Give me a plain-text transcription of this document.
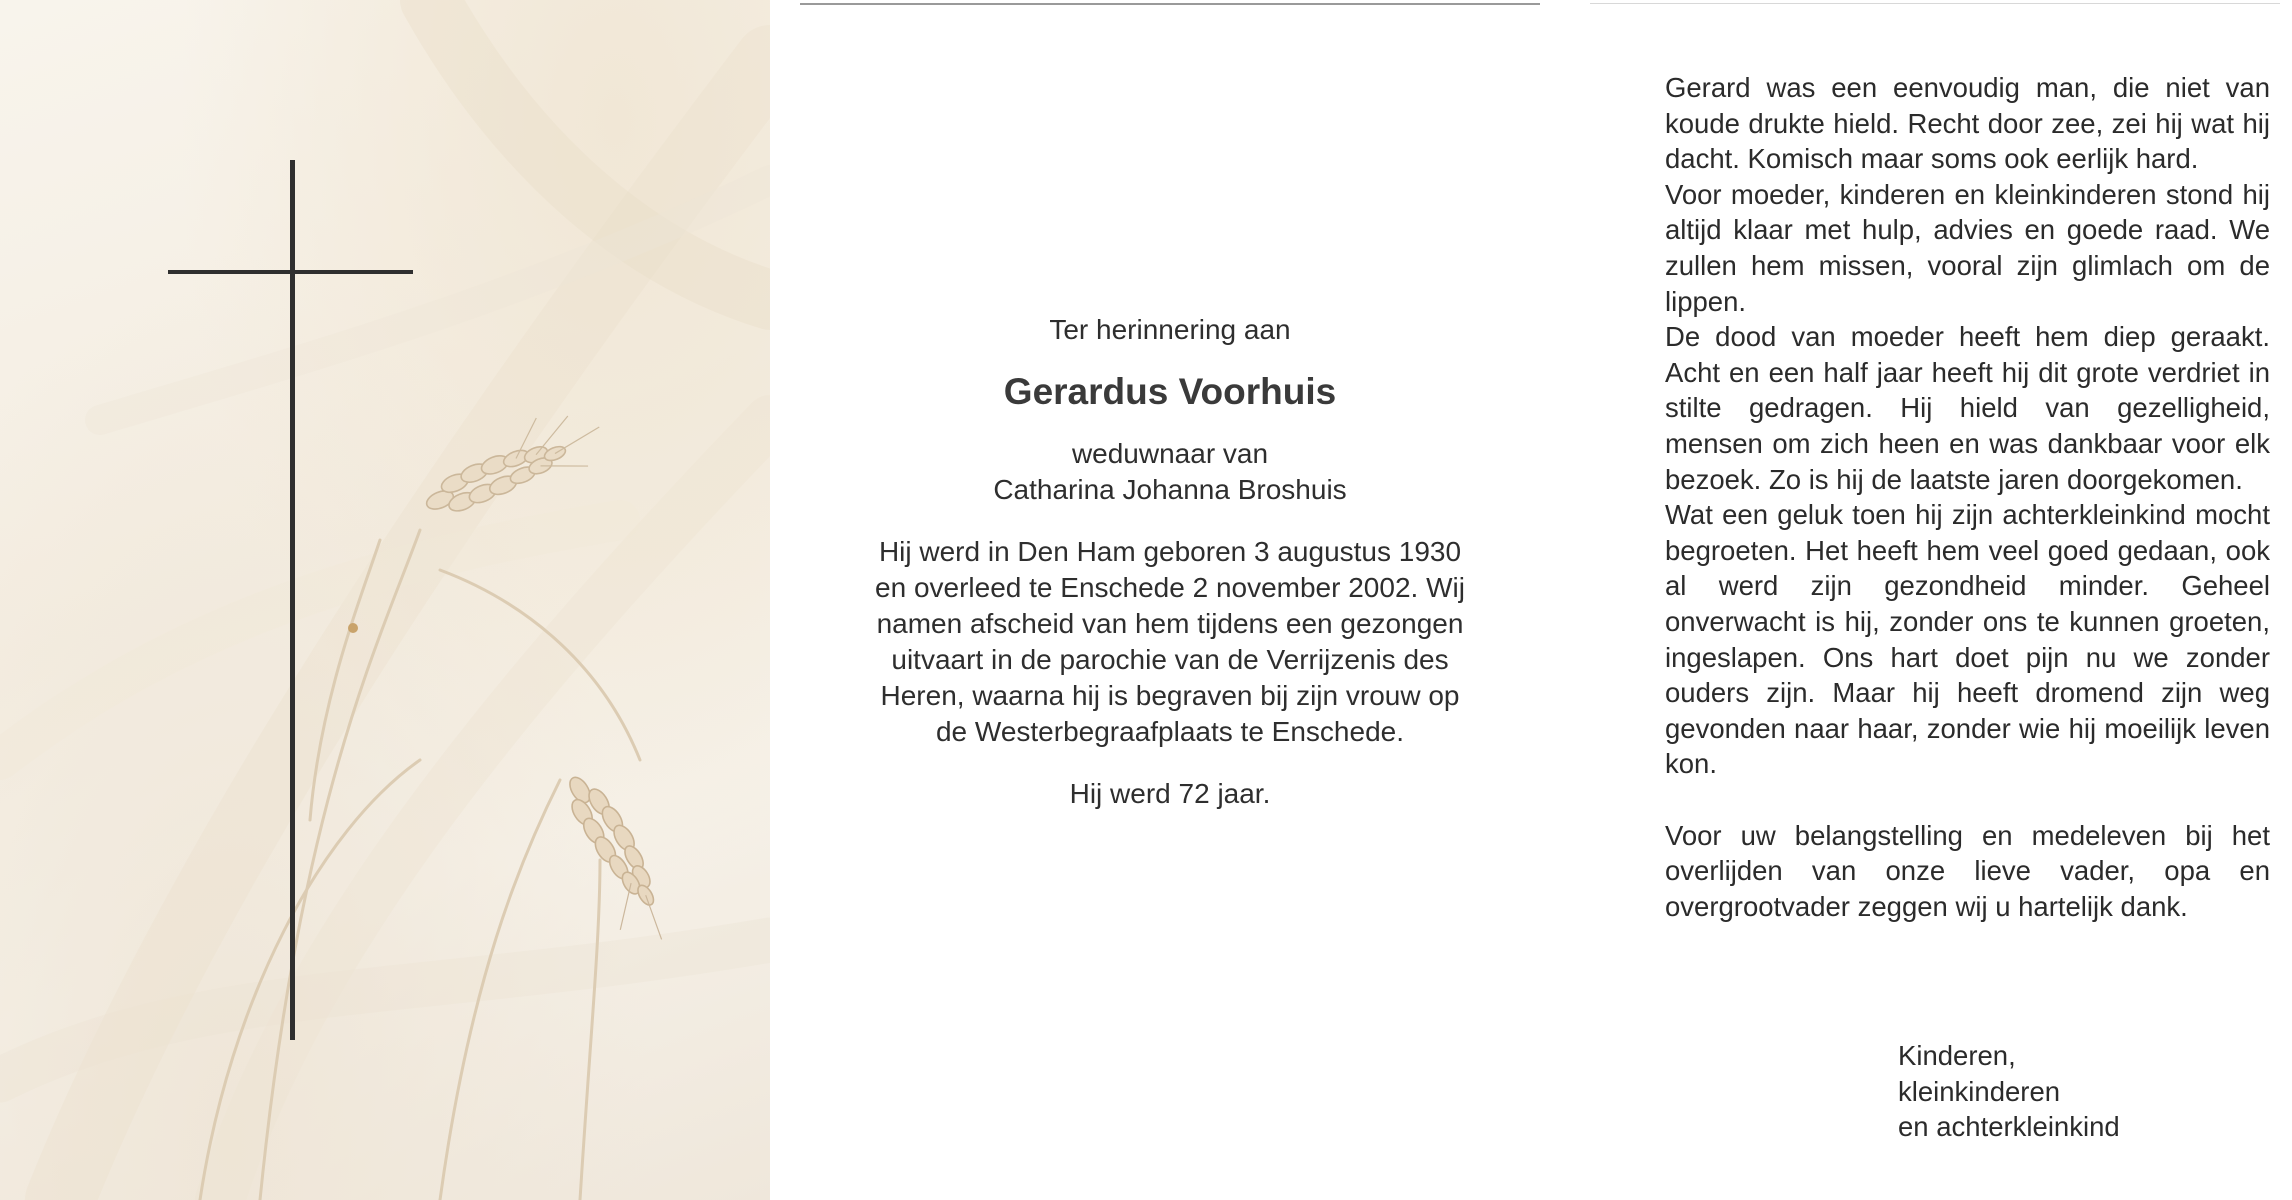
Ter herinnering aan

Gerardus Voorhuis

weduwnaar van

Catharina Johanna Broshuis

Hij werd in Den Ham geboren 3 augustus 1930 en overleed te Enschede 2 november 2002. Wij namen afscheid van hem tijdens een gezongen uitvaart in de parochie van de Verrijzenis des Heren, waarna hij is begraven bij zijn vrouw op de Westerbegraafplaats te Enschede.

Hij werd 72 jaar.

Gerard was een eenvoudig man, die niet van koude drukte hield. Recht door zee, zei hij wat hij dacht. Komisch maar soms ook eerlijk hard.

Voor moeder, kinderen en kleinkinderen stond hij altijd klaar met hulp, advies en goede raad. We zullen hem missen, vooral zijn glimlach om de lippen.

De dood van moeder heeft hem diep geraakt. Acht en een half jaar heeft hij dit grote verdriet in stilte gedragen. Hij hield van gezelligheid, mensen om zich heen en was dankbaar voor elk bezoek. Zo is hij de laatste jaren doorgekomen.

Wat een geluk toen hij zijn achterkleinkind mocht begroeten. Het heeft hem veel goed gedaan, ook al werd zijn gezondheid minder. Geheel onverwacht is hij, zonder ons te kunnen groeten, ingeslapen. Ons hart doet pijn nu we zonder ouders zijn. Maar hij heeft dromend zijn weg gevonden naar haar, zonder wie hij moeilijk leven kon.

Voor uw belangstelling en medeleven bij het overlijden van onze lieve vader, opa en overgrootvader zeggen wij u hartelijk dank.

Kinderen,
kleinkinderen
en achterkleinkind
